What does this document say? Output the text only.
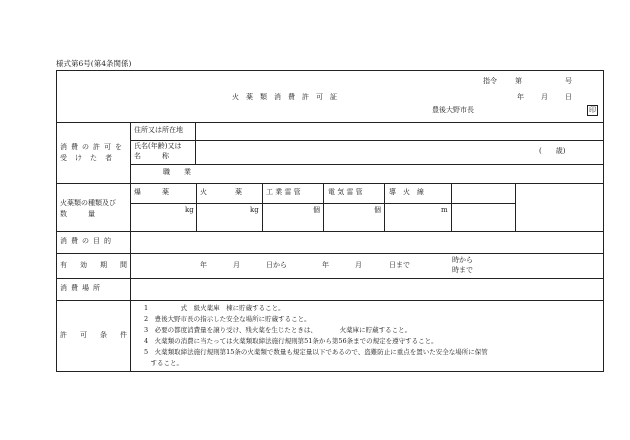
様式第6号(第4条関係)
指令	第	号
火　薬　類　消　費　許　可　証	年 月 日
豊後大野市長	印
消費の許可を
受けた者
住所又は所在地
氏名(年齢)又は
名　　　称
(　　歳)
職　　業
火薬類の種類及び
数　　　量
爆　　　薬	火　　　　薬	工 業 雷 管	電 気 雷 管	導　火　線
kg	kg	個	個	m
消費の目的
有効期間	年	月	日から	年	月	日まで
時から
時まで
消費場所
許可条件
1　　　　　式　級火薬庫　棟に貯蔵すること。
2　豊後大野市長の指示した安全な場所に貯蔵すること。
3　必要の都度消費量を譲り受け、残火薬を生じたときは、　　　　火薬庫に貯蔵すること。
4　火薬類の消費に当たっては火薬類取締法施行規則第51条から第56条までの規定を遵守すること。
5　火薬類取締法施行規則第15条の火薬類で数量も規定量以下であるので、盗難防止に重点を置いた安全な場所に保管
　すること。
